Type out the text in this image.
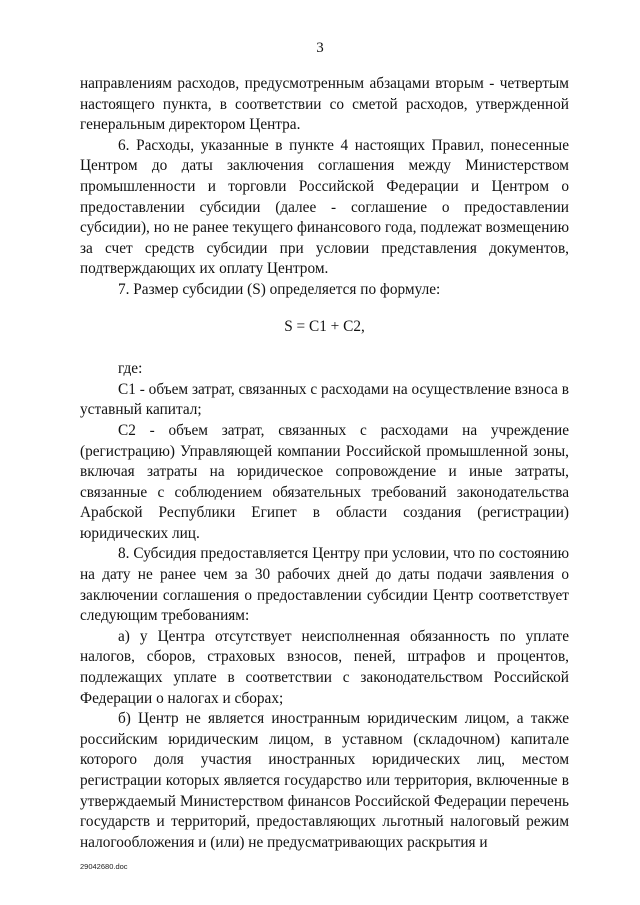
3

направлениям расходов, предусмотренным абзацами вторым - четвертым настоящего пункта, в соответствии со сметой расходов, утвержденной генеральным директором Центра.

6. Расходы, указанные в пункте 4 настоящих Правил, понесенные Центром до даты заключения соглашения между Министерством промышленности и торговли Российской Федерации и Центром о предоставлении субсидии (далее - соглашение о предоставлении субсидии), но не ранее текущего финансового года, подлежат возмещению за счет средств субсидии при условии представления документов, подтверждающих их оплату Центром.

7. Размер субсидии (S) определяется по формуле:

S = C1 + C2,

где:

C1 - объем затрат, связанных с расходами на осуществление взноса в уставный капитал;

C2 - объем затрат, связанных с расходами на учреждение (регистрацию) Управляющей компании Российской промышленной зоны, включая затраты на юридическое сопровождение и иные затраты, связанные с соблюдением обязательных требований законодательства Арабской Республики Египет в области создания (регистрации) юридических лиц.

8. Субсидия предоставляется Центру при условии, что по состоянию на дату не ранее чем за 30 рабочих дней до даты подачи заявления о заключении соглашения о предоставлении субсидии Центр соответствует следующим требованиям:

а) у Центра отсутствует неисполненная обязанность по уплате налогов, сборов, страховых взносов, пеней, штрафов и процентов, подлежащих уплате в соответствии с законодательством Российской Федерации о налогах и сборах;

б) Центр не является иностранным юридическим лицом, а также российским юридическим лицом, в уставном (складочном) капитале которого доля участия иностранных юридических лиц, местом регистрации которых является государство или территория, включенные в утверждаемый Министерством финансов Российской Федерации перечень государств и территорий, предоставляющих льготный налоговый режим налогообложения и (или) не предусматривающих раскрытия и

29042680.doc
